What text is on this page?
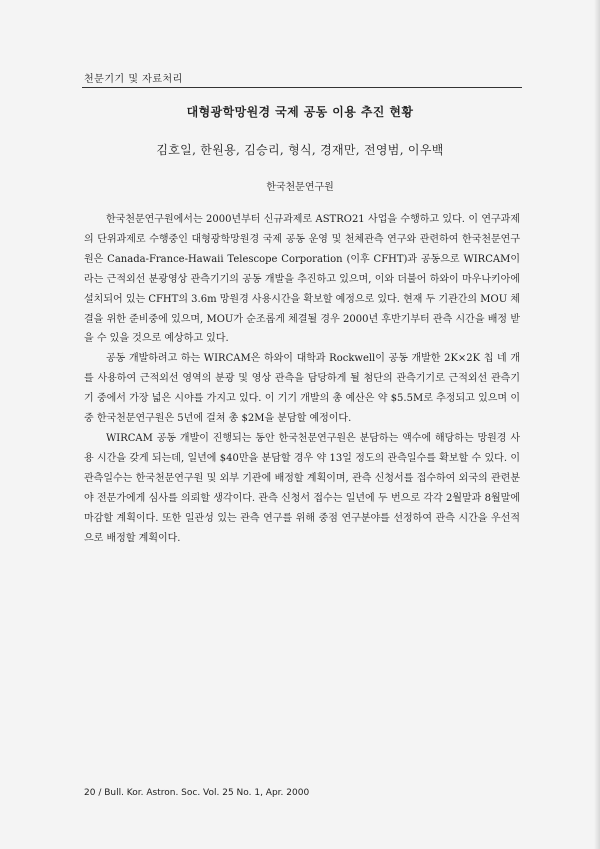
천문기기 및 자료처리
대형광학망원경 국제 공동 이용 추진 현황
김호일, 한원용, 김승리, 형식, 경재만, 전영범, 이우백
한국천문연구원

한국천문연구원에서는 2000년부터 신규과제로 ASTRO21 사업을 수행하고 있다. 이 연구과제의 단위과제로 수행중인 대형광학망원경 국제 공동 운영 및 천체관측 연구와 관련하여 한국천문연구원은 Canada-France-Hawaii Telescope Corporation (이후 CFHT)과 공동으로 WIRCAM이라는 근적외선 분광영상 관측기기의 공동 개발을 추진하고 있으며, 이와 더불어 하와이 마우나키아에 설치되어 있는 CFHT의 3.6m 망원경 사용시간을 확보할 예정으로 있다. 현재 두 기관간의 MOU 체결을 위한 준비중에 있으며, MOU가 순조롭게 체결될 경우 2000년 후반기부터 관측 시간을 배정 받을 수 있을 것으로 예상하고 있다.

공동 개발하려고 하는 WIRCAM은 하와이 대학과 Rockwell이 공동 개발한 2K×2K 칩 네 개를 사용하여 근적외선 영역의 분광 및 영상 관측을 담당하게 될 첨단의 관측기기로 근적외선 관측기기 중에서 가장 넓은 시야를 가지고 있다. 이 기기 개발의 총 예산은 약 $5.5M로 추정되고 있으며 이중 한국천문연구원은 5년에 걸쳐 총 $2M을 분담할 예정이다.

WIRCAM 공동 개발이 진행되는 동안 한국천문연구원은 분담하는 액수에 해당하는 망원경 사용 시간을 갖게 되는데, 일년에 $40만을 분담할 경우 약 13일 정도의 관측일수를 확보할 수 있다. 이 관측일수는 한국천문연구원 및 외부 기관에 배정할 계획이며, 관측 신청서를 접수하여 외국의 관련분야 전문가에게 심사를 의뢰할 생각이다. 관측 신청서 접수는 일년에 두 번으로 각각 2월말과 8월말에 마감할 계획이다. 또한 일관성 있는 관측 연구를 위해 중점 연구분야를 선정하여 관측 시간을 우선적으로 배정할 계획이다.

20 / Bull. Kor. Astron. Soc. Vol. 25 No. 1, Apr. 2000
